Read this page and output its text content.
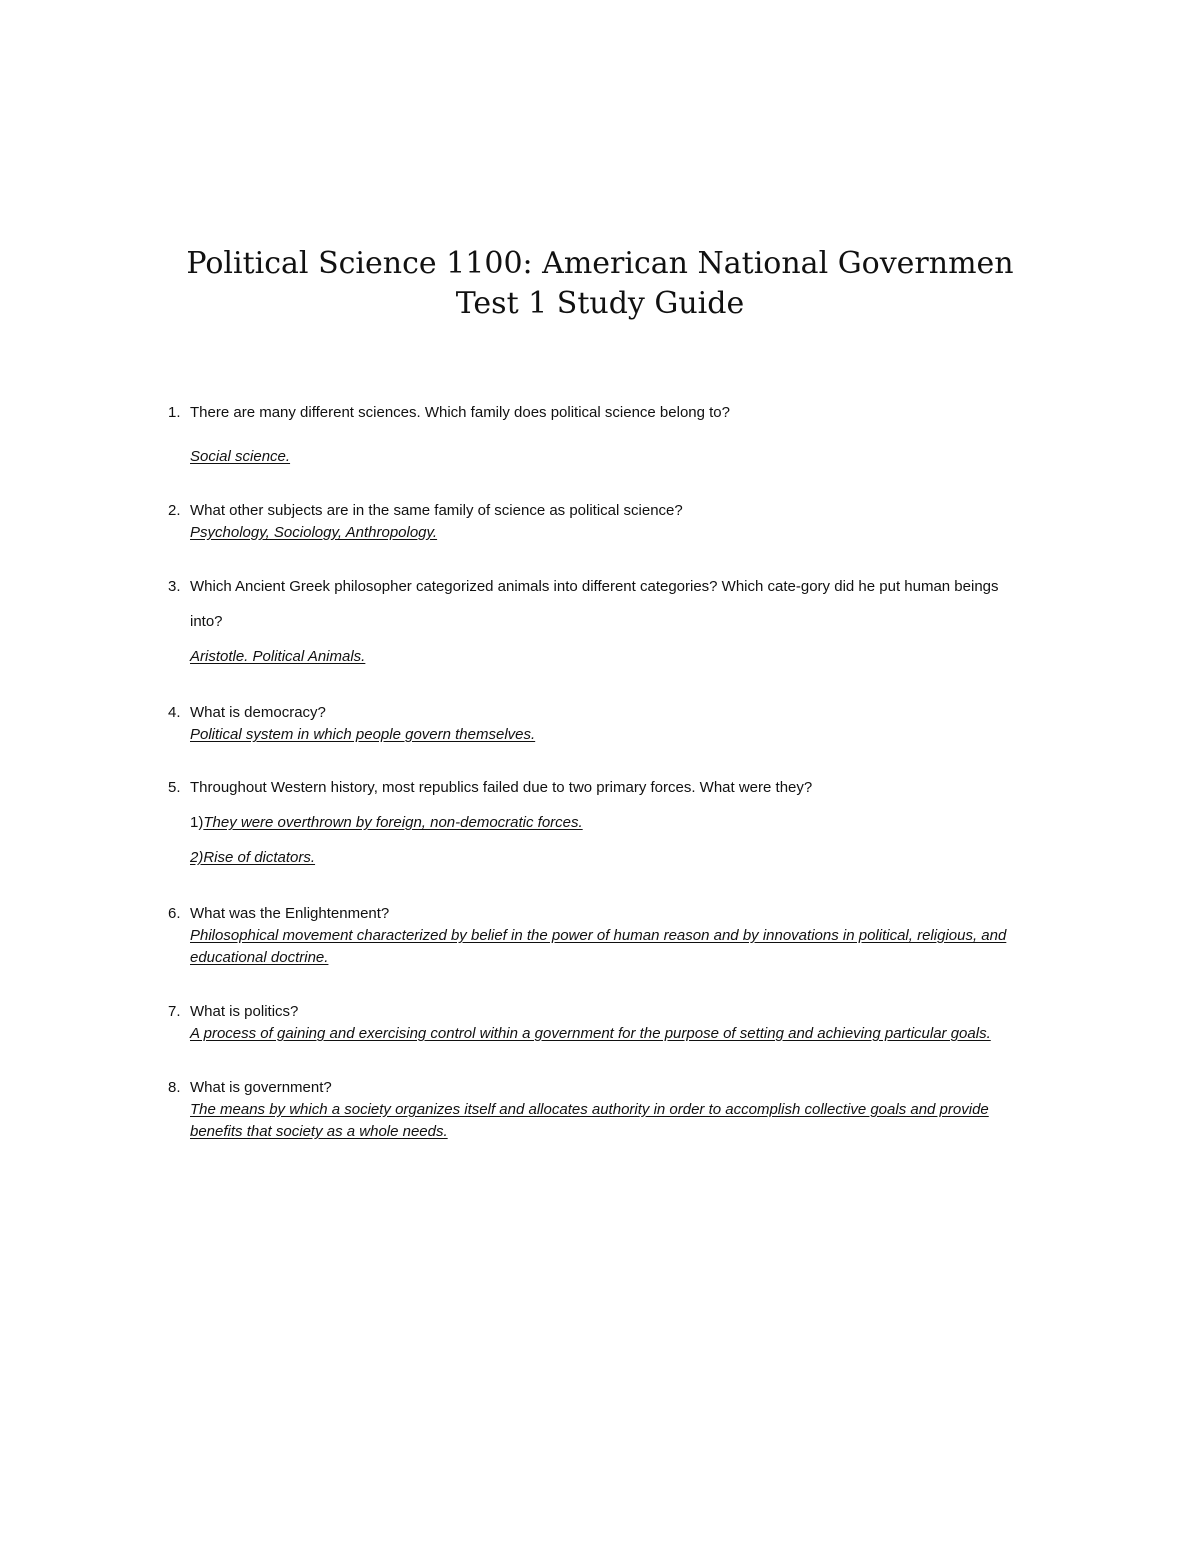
Political Science 1100: American National Governmen
Test 1 Study Guide
1. There are many different sciences. Which family does political science belong to?
Social science.
2. What other subjects are in the same family of science as political science?
Psychology, Sociology, Anthropology.
3. Which Ancient Greek philosopher categorized animals into different categories? Which cate-gory did he put human beings
into?
Aristotle. Political Animals.
4. What is democracy?
Political system in which people govern themselves.
5. Throughout Western history, most republics failed due to two primary forces. What were they?
1)They were overthrown by foreign, non-democratic forces.
2)Rise of dictators.
6. What was the Enlightenment?
Philosophical movement characterized by belief in the power of human reason and by innovations in political, religious, and
educational doctrine.
7. What is politics?
A process of gaining and exercising control within a government for the purpose of setting and achieving particular goals.
8. What is government?
The means by which a society organizes itself and allocates authority in order to accomplish collective goals and provide
benefits that society as a whole needs.
